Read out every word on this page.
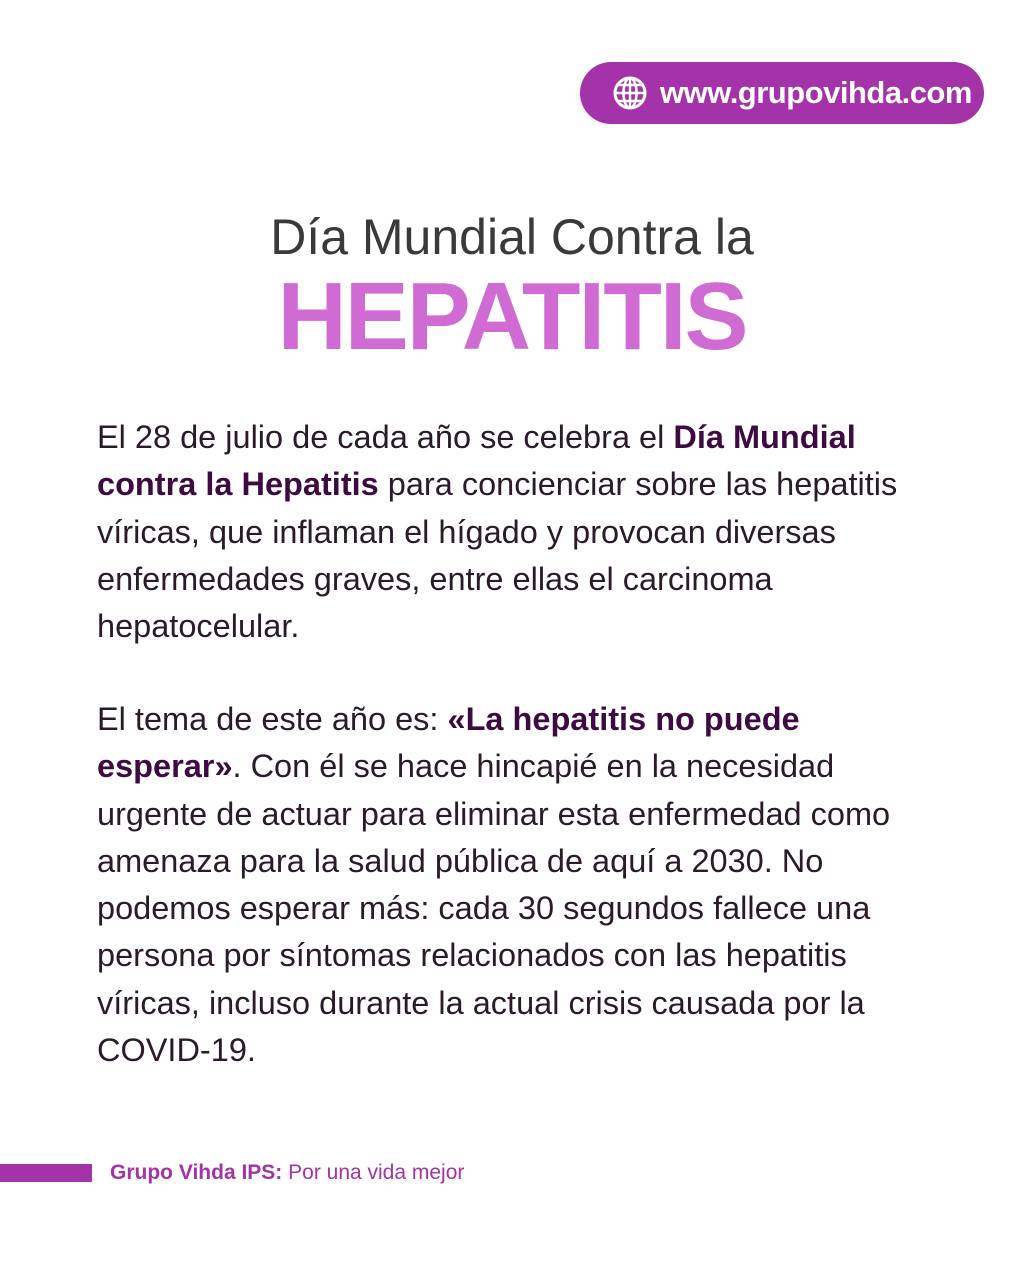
www.grupovihda.com
Día Mundial Contra la
HEPATITIS
El 28 de julio de cada año se celebra el Día Mundial contra la Hepatitis para concienciar sobre las hepatitis víricas, que inflaman el hígado y provocan diversas enfermedades graves, entre ellas el carcinoma hepatocelular.
El tema de este año es: «La hepatitis no puede esperar». Con él se hace hincapié en la necesidad urgente de actuar para eliminar esta enfermedad como amenaza para la salud pública de aquí a 2030. No podemos esperar más: cada 30 segundos fallece una persona por síntomas relacionados con las hepatitis víricas, incluso durante la actual crisis causada por la COVID-19.
Grupo Vihda IPS: Por una vida mejor
